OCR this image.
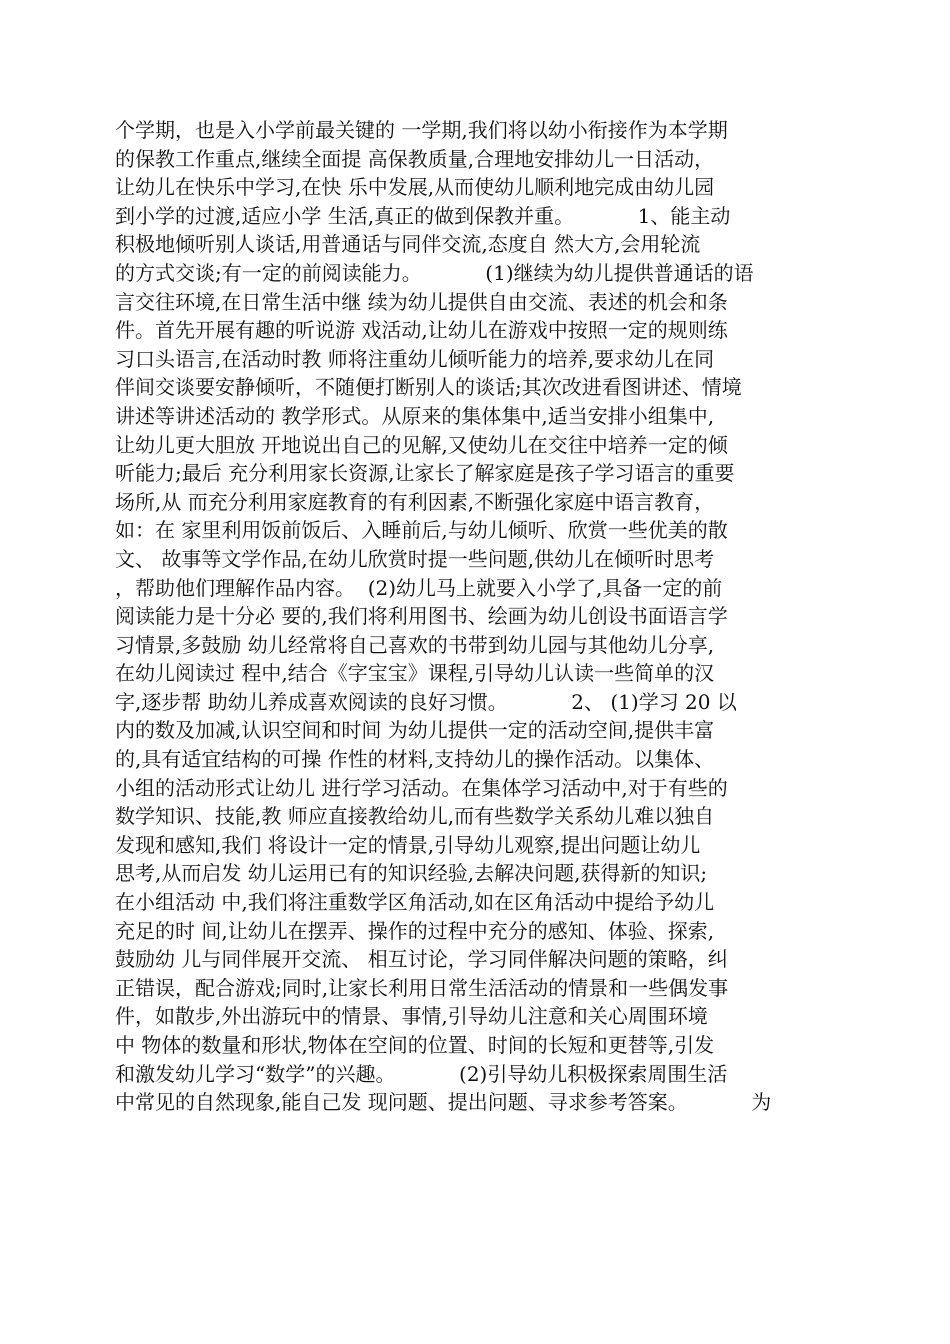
个学期，也是入小学前最关键的 一学期,我们将以幼小衔接作为本学期
的保教工作重点,继续全面提 高保教质量,合理地安排幼儿一日活动，
让幼儿在快乐中学习,在快 乐中发展,从而使幼儿顺利地完成由幼儿园
到小学的过渡,适应小学 生活,真正的做到保教并重。          1、能主动
积极地倾听别人谈话,用普通话与同伴交流,态度自 然大方,会用轮流
的方式交谈;有一定的前阅读能力。          (1)继续为幼儿提供普通话的语
言交往环境,在日常生活中继 续为幼儿提供自由交流、表述的机会和条
件。首先开展有趣的听说游 戏活动,让幼儿在游戏中按照一定的规则练
习口头语言,在活动时教 师将注重幼儿倾听能力的培养,要求幼儿在同
伴间交谈要安静倾听，不随便打断别人的谈话;其次改进看图讲述、情境
讲述等讲述活动的 教学形式。从原来的集体集中,适当安排小组集中,
让幼儿更大胆放 开地说出自己的见解,又使幼儿在交往中培养一定的倾
听能力;最后 充分利用家长资源,让家长了解家庭是孩子学习语言的重要
场所,从 而充分利用家庭教育的有利因素,不断强化家庭中语言教育，
如：在 家里利用饭前饭后、入睡前后,与幼儿倾听、欣赏一些优美的散
文、 故事等文学作品,在幼儿欣赏时提一些问题,供幼儿在倾听时思考
，帮助他们理解作品内容。  (2)幼儿马上就要入小学了,具备一定的前
阅读能力是十分必 要的,我们将利用图书、绘画为幼儿创设书面语言学
习情景,多鼓励 幼儿经常将自己喜欢的书带到幼儿园与其他幼儿分享,
在幼儿阅读过 程中,结合《字宝宝》课程,引导幼儿认读一些简单的汉
字,逐步帮 助幼儿养成喜欢阅读的良好习惯。          2、 (1)学习 20 以
内的数及加减,认识空间和时间 为幼儿提供一定的活动空间,提供丰富
的,具有适宜结构的可操 作性的材料,支持幼儿的操作活动。以集体、
小组的活动形式让幼儿 进行学习活动。在集体学习活动中,对于有些的
数学知识、技能,教 师应直接教给幼儿,而有些数学关系幼儿难以独自
发现和感知,我们 将设计一定的情景,引导幼儿观察,提出问题让幼儿
思考,从而启发 幼儿运用已有的知识经验,去解决问题,获得新的知识;
在小组活动 中,我们将注重数学区角活动,如在区角活动中提给予幼儿
充足的时 间,让幼儿在摆弄、操作的过程中充分的感知、体验、探索,
鼓励幼 儿与同伴展开交流、 相互讨论，学习同伴解决问题的策略，纠
正错误，配合游戏;同时,让家长利用日常生活活动的情景和一些偶发事
件，如散步,外出游玩中的情景、事情,引导幼儿注意和关心周围环境
中 物体的数量和形状,物体在空间的位置、时间的长短和更替等,引发
和激发幼儿学习“数学”的兴趣。          (2)引导幼儿积极探索周围生活
中常见的自然现象,能自己发 现问题、提出问题、寻求参考答案。          为
